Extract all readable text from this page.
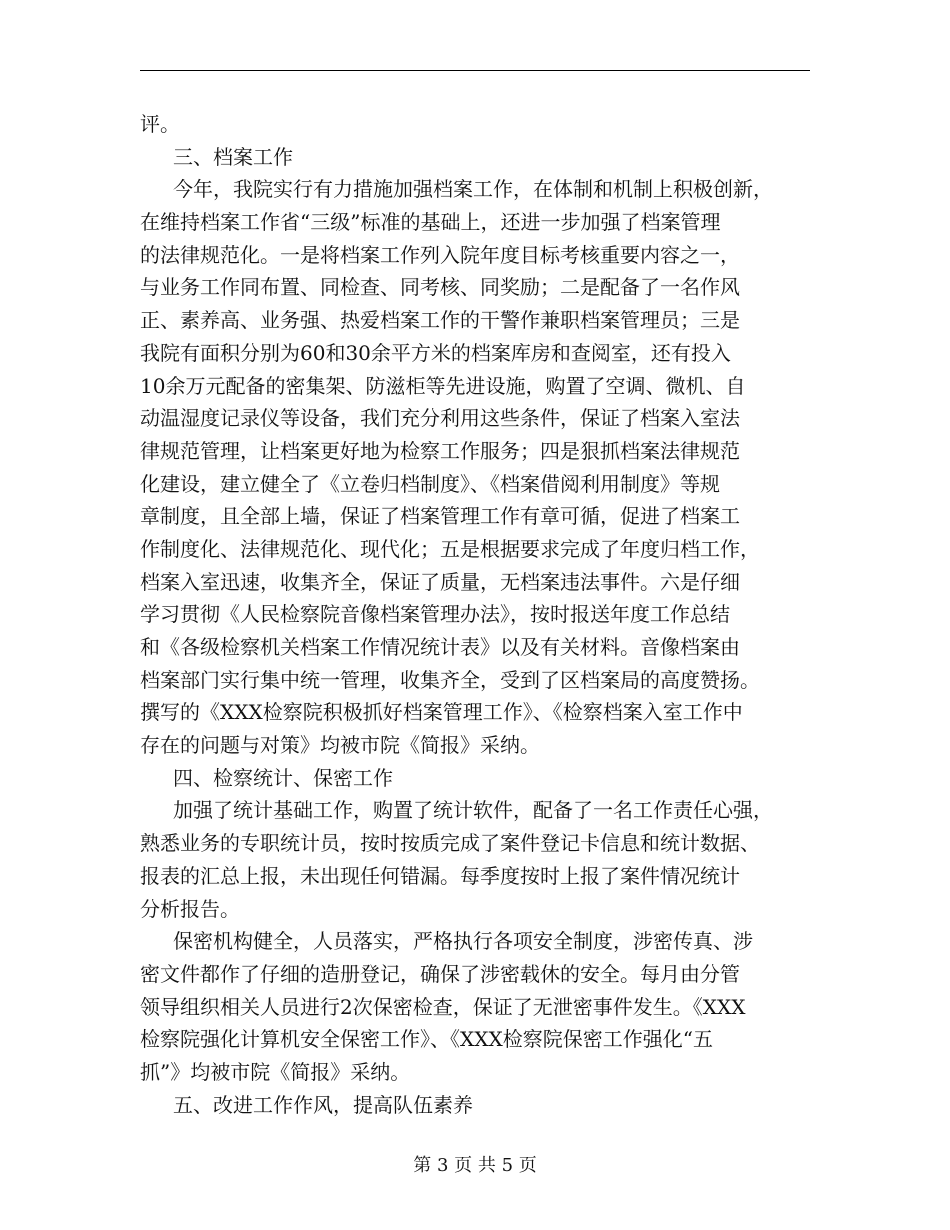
评。
三、档案工作
今年，我院实行有力措施加强档案工作，在体制和机制上积极创新，
在维持档案工作省“三级”标准的基础上，还进一步加强了档案管理
的法律规范化。一是将档案工作列入院年度目标考核重要内容之一，
与业务工作同布置、同检查、同考核、同奖励；二是配备了一名作风
正、素养高、业务强、热爱档案工作的干警作兼职档案管理员；三是
我院有面积分别为60和30余平方米的档案库房和查阅室，还有投入
10余万元配备的密集架、防滋柜等先进设施，购置了空调、微机、自
动温湿度记录仪等设备，我们充分利用这些条件，保证了档案入室法
律规范管理，让档案更好地为检察工作服务；四是狠抓档案法律规范
化建设，建立健全了《立卷归档制度》、《档案借阅利用制度》等规
章制度，且全部上墙，保证了档案管理工作有章可循，促进了档案工
作制度化、法律规范化、现代化；五是根据要求完成了年度归档工作，
档案入室迅速，收集齐全，保证了质量，无档案违法事件。六是仔细
学习贯彻《人民检察院音像档案管理办法》，按时报送年度工作总结
和《各级检察机关档案工作情况统计表》以及有关材料。音像档案由
档案部门实行集中统一管理，收集齐全，受到了区档案局的高度赞扬。
撰写的《XXX检察院积极抓好档案管理工作》、《检察档案入室工作中
存在的问题与对策》均被市院《简报》采纳。
四、检察统计、保密工作
加强了统计基础工作，购置了统计软件，配备了一名工作责任心强，
熟悉业务的专职统计员，按时按质完成了案件登记卡信息和统计数据、
报表的汇总上报，未出现任何错漏。每季度按时上报了案件情况统计
分析报告。
保密机构健全，人员落实，严格执行各项安全制度，涉密传真、涉
密文件都作了仔细的造册登记，确保了涉密载休的安全。每月由分管
领导组织相关人员进行2次保密检查，保证了无泄密事件发生。《XXX
检察院强化计算机安全保密工作》、《XXX检察院保密工作强化“五
抓”》均被市院《简报》采纳。
五、改进工作作风，提高队伍素养
第 3 页 共 5 页
